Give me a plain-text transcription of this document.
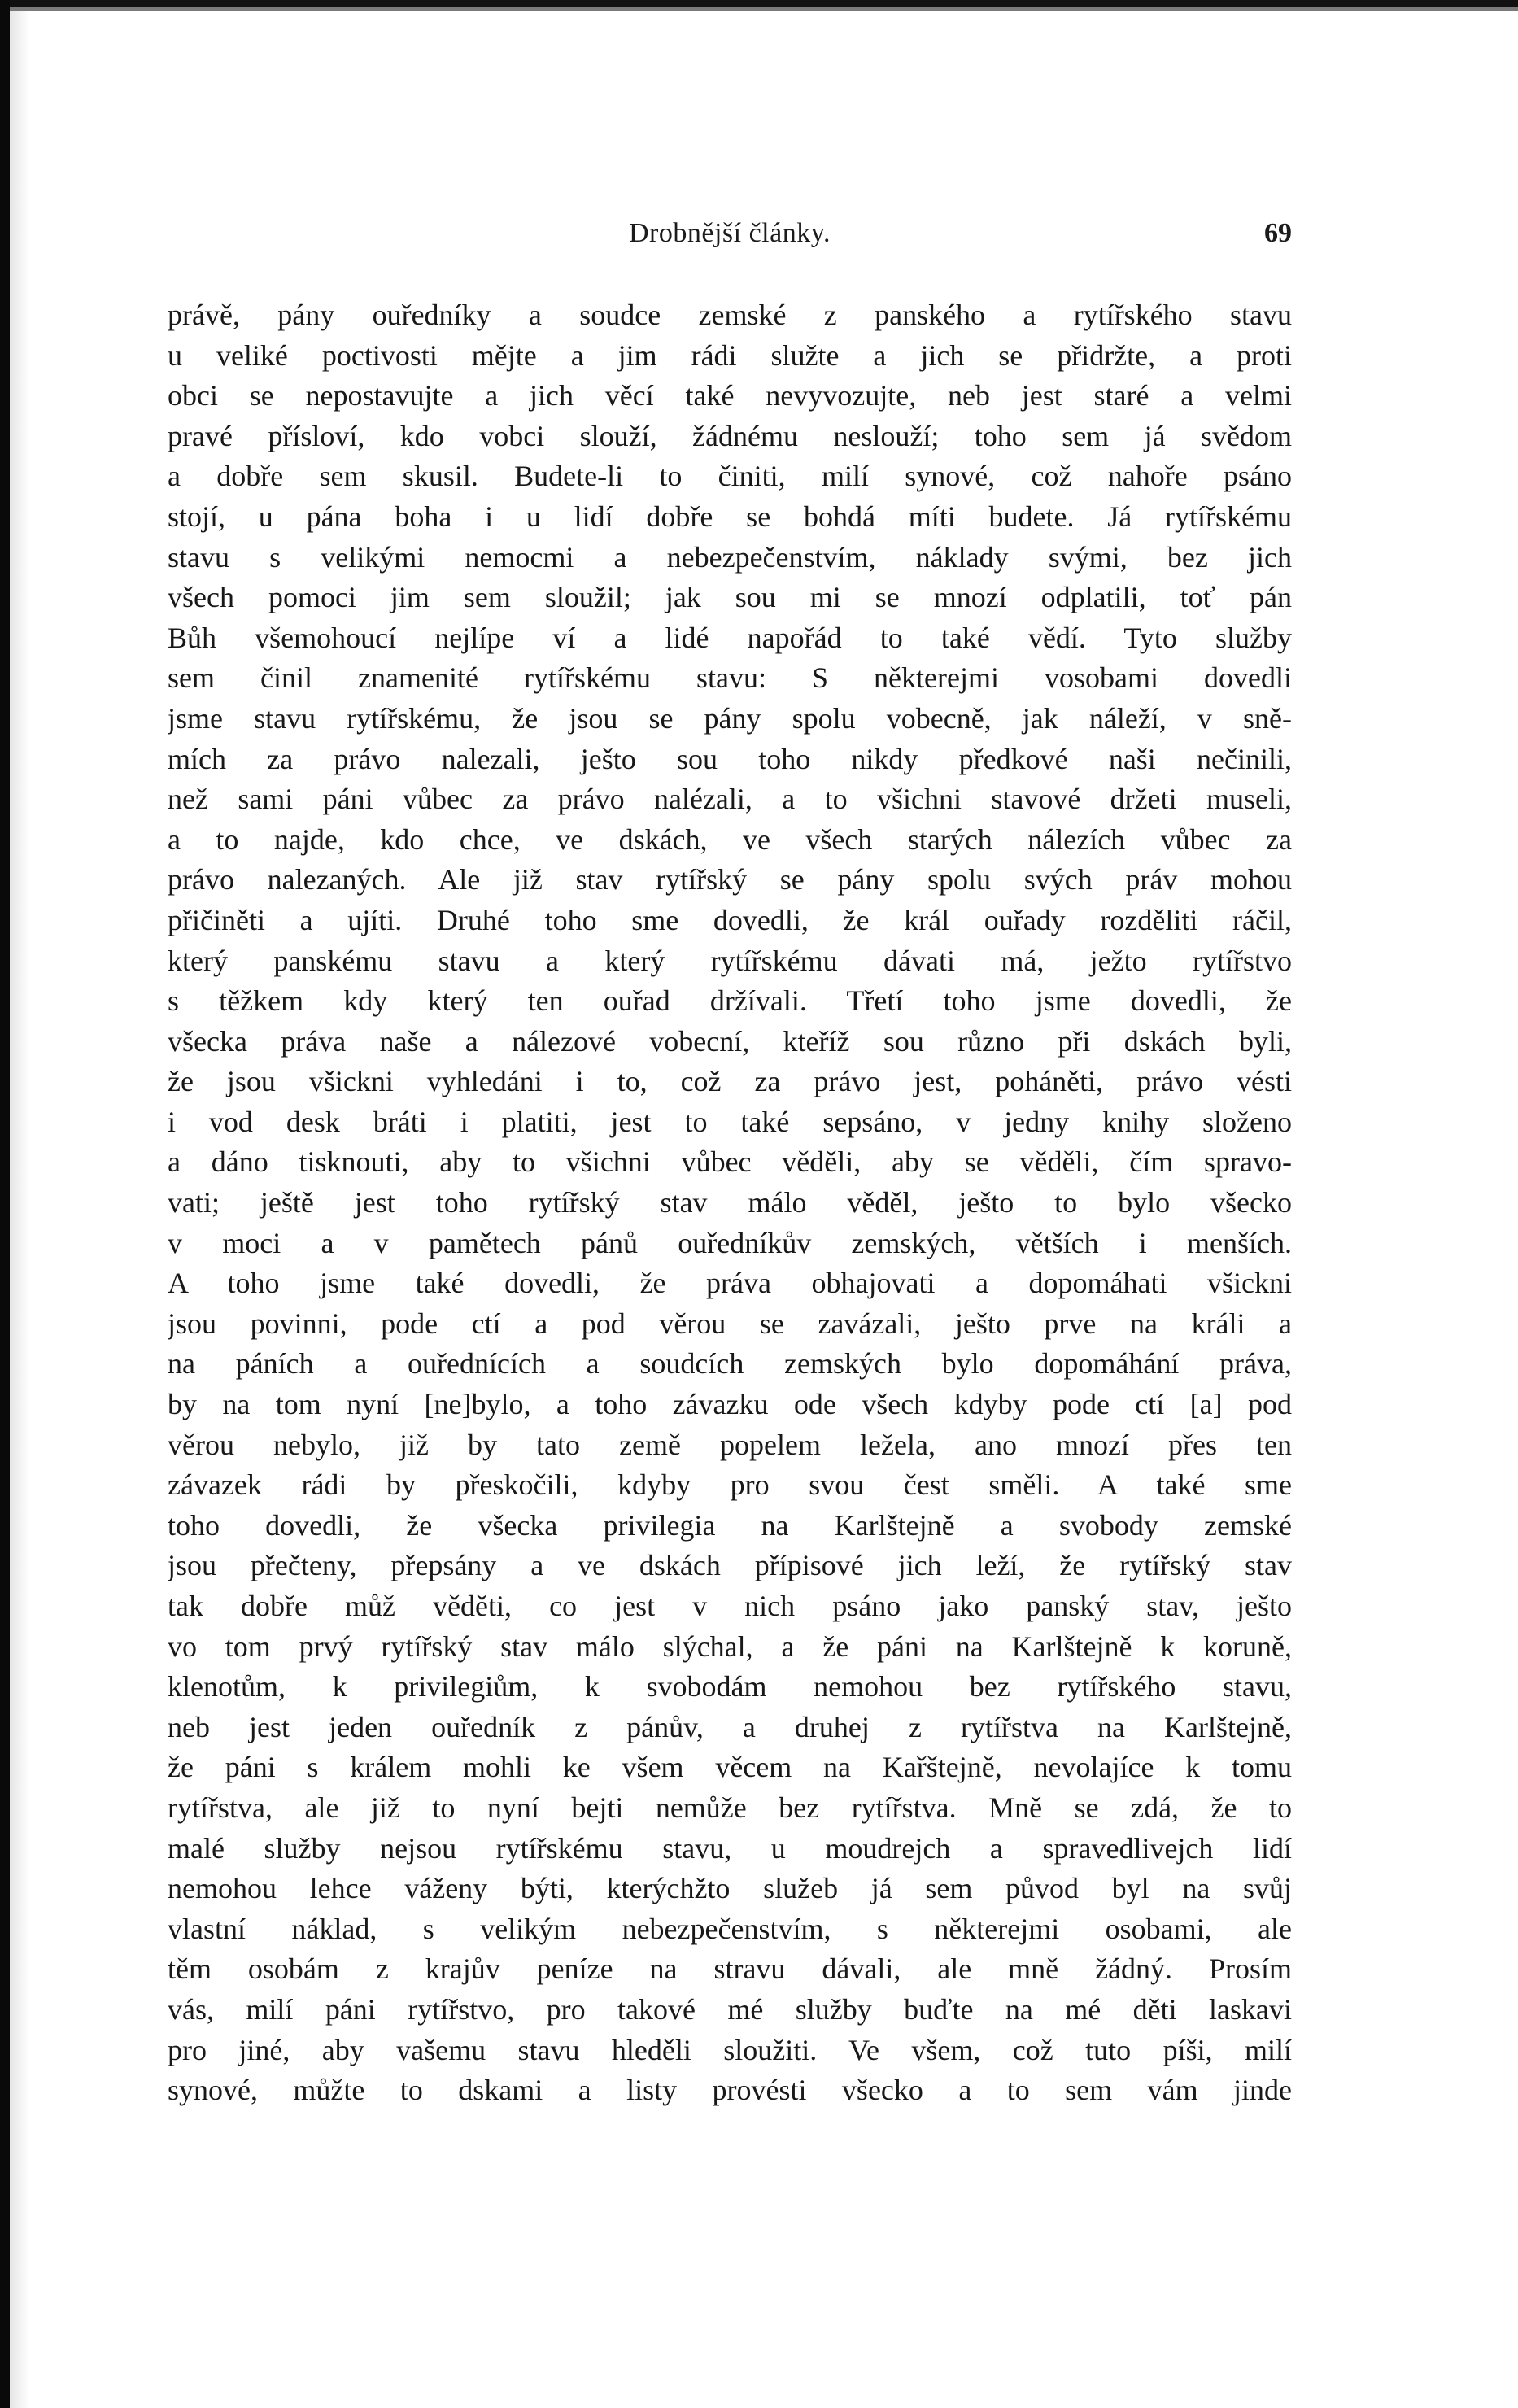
Drobnější články.	69
právě, pány ouředníky a soudce zemské z panského a rytířského stavu
u veliké poctivosti mějte a jim rádi služte a jich se přidržte, a proti
obci se nepostavujte a jich věcí také nevyvozujte, neb jest staré a velmi
pravé přísloví, kdo vobci slouží, žádnému neslouží; toho sem já svědom
a dobře sem skusil. Budete-li to činiti, milí synové, což nahoře psáno
stojí, u pána boha i u lidí dobře se bohdá míti budete. Já rytířskému
stavu s velikými nemocmi a nebezpečenstvím, náklady svými, bez jich
všech pomoci jim sem sloužil; jak sou mi se mnozí odplatili, toť pán
Bůh všemohoucí nejlípe ví a lidé napořád to také vědí. Tyto služby
sem činil znamenité rytířskému stavu: S některejmi vosobami dovedli
jsme stavu rytířskému, že jsou se pány spolu vobecně, jak náleží, v sně-
mích za právo nalezali, ješto sou toho nikdy předkové naši nečinili,
než sami páni vůbec za právo nalézali, a to všichni stavové držeti museli,
a to najde, kdo chce, ve dskách, ve všech starých nálezích vůbec za
právo nalezaných. Ale již stav rytířský se pány spolu svých práv mohou
přičiněti a ujíti. Druhé toho sme dovedli, že král ouřady rozděliti ráčil,
který panskému stavu a který rytířskému dávati má, ježto rytířstvo
s těžkem kdy který ten ouřad držívali. Třetí toho jsme dovedli, že
všecka práva naše a nálezové vobecní, kteříž sou různo při dskách byli,
že jsou všickni vyhledáni i to, což za právo jest, poháněti, právo vésti
i vod desk bráti i platiti, jest to také sepsáno, v jedny knihy složeno
a dáno tisknouti, aby to všichni vůbec věděli, aby se věděli, čím spravo-
vati; ještě jest toho rytířský stav málo věděl, ješto to bylo všecko
v moci a v pamětech pánů ouředníkův zemských, větších i menších.
A toho jsme také dovedli, že práva obhajovati a dopomáhati všickni
jsou povinni, pode ctí a pod věrou se zavázali, ješto prve na králi a
na páních a ouřednících a soudcích zemských bylo dopomáhání práva,
by na tom nyní [ne]bylo, a toho závazku ode všech kdyby pode ctí [a] pod
věrou nebylo, již by tato země popelem ležela, ano mnozí přes ten
závazek rádi by přeskočili, kdyby pro svou čest směli. A také sme
toho dovedli, že všecka privilegia na Karlštejně a svobody zemské
jsou přečteny, přepsány a ve dskách přípisové jich leží, že rytířský stav
tak dobře můž věděti, co jest v nich psáno jako panský stav, ješto
vo tom prvý rytířský stav málo slýchal, a že páni na Karlštejně k koruně,
klenotům, k privilegiům, k svobodám nemohou bez rytířského stavu,
neb jest jeden ouředník z pánův, a druhej z rytířstva na Karlštejně,
že páni s králem mohli ke všem věcem na Kařštejně, nevolajíce k tomu
rytířstva, ale již to nyní bejti nemůže bez rytířstva. Mně se zdá, že to
malé služby nejsou rytířskému stavu, u moudrejch a spravedlivejch lidí
nemohou lehce váženy býti, kterýchžto služeb já sem původ byl na svůj
vlastní náklad, s velikým nebezpečenstvím, s některejmi osobami, ale
těm osobám z krajův peníze na stravu dávali, ale mně žádný. Prosím
vás, milí páni rytířstvo, pro takové mé služby buďte na mé děti laskavi
pro jiné, aby vašemu stavu hleděli sloužiti. Ve všem, což tuto píši, milí
synové, můžte to dskami a listy provésti všecko a to sem vám jinde
